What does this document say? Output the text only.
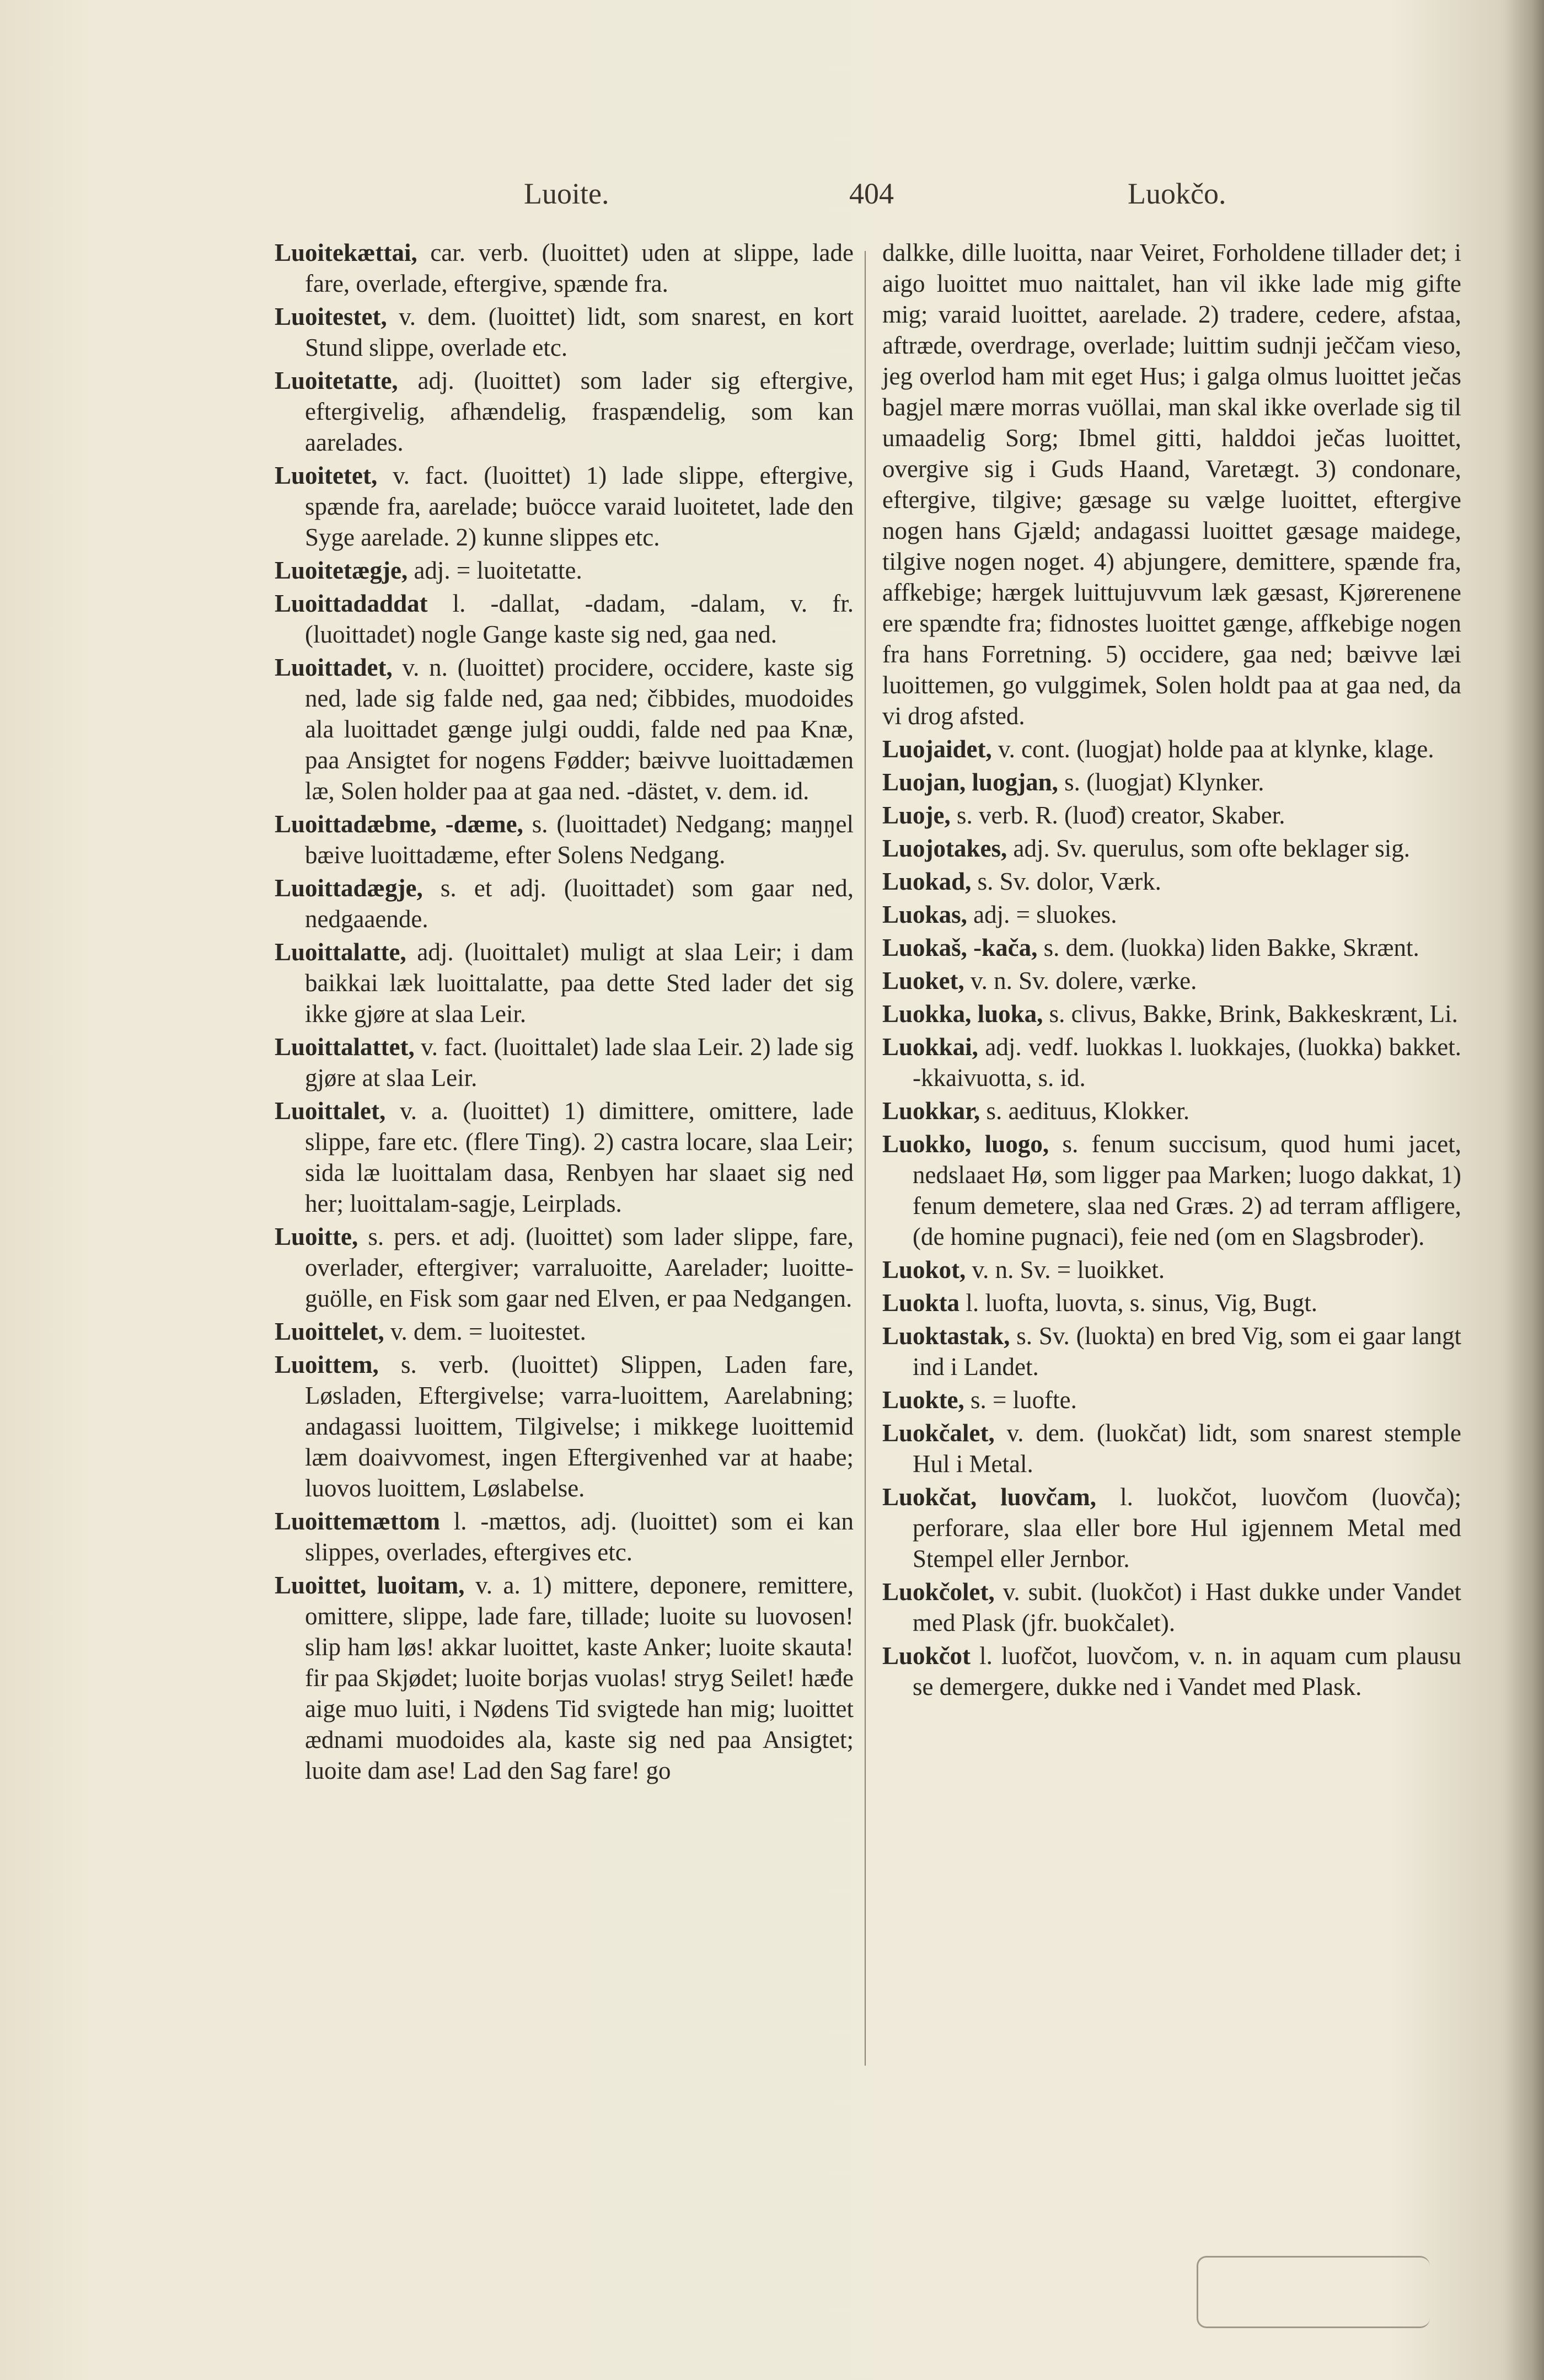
Luoite.	404	Luokčo.

Luoitekættai, car. verb. (luoittet) uden at slippe, lade fare, overlade, eftergive, spænde fra.

Luoitestet, v. dem. (luoittet) lidt, som snarest, en kort Stund slippe, overlade etc.

Luoitetatte, adj. (luoittet) som lader sig eftergive, eftergivelig, afhændelig, fraspændelig, som kan aarelades.

Luoitetet, v. fact. (luoittet) 1) lade slippe, eftergive, spænde fra, aarelade; buöcce varaid luoitetet, lade den Syge aarelade. 2) kunne slippes etc.

Luoitetægje, adj. = luoitetatte.

Luoittadaddat l. -dallat, -dadam, -dalam, v. fr. (luoittadet) nogle Gange kaste sig ned, gaa ned.

Luoittadet, v. n. (luoittet) procidere, occidere, kaste sig ned, lade sig falde ned, gaa ned; čibbides, muodoides ala luoittadet gænge julgi ouddi, falde ned paa Knæ, paa Ansigtet for nogens Fødder; bæivve luoittadæmen læ, Solen holder paa at gaa ned. -dästet, v. dem. id.

Luoittadæbme, -dæme, s. (luoittadet) Nedgang; maŋŋel bæive luoittadæme, efter Solens Nedgang.

Luoittadægje, s. et adj. (luoittadet) som gaar ned, nedgaaende.

Luoittalatte, adj. (luoittalet) muligt at slaa Leir; i dam baikkai læk luoittalatte, paa dette Sted lader det sig ikke gjøre at slaa Leir.

Luoittalattet, v. fact. (luoittalet) lade slaa Leir. 2) lade sig gjøre at slaa Leir.

Luoittalet, v. a. (luoittet) 1) dimittere, omittere, lade slippe, fare etc. (flere Ting). 2) castra locare, slaa Leir; sida læ luoittalam dasa, Renbyen har slaaet sig ned her; luoittalam-sagje, Leirplads.

Luoitte, s. pers. et adj. (luoittet) som lader slippe, fare, overlader, eftergiver; varraluoitte, Aarelader; luoitte-guölle, en Fisk som gaar ned Elven, er paa Nedgangen.

Luoittelet, v. dem. = luoitestet.

Luoittem, s. verb. (luoittet) Slippen, Laden fare, Løsladen, Eftergivelse; varra-luoittem, Aarelabning; andagassi luoittem, Tilgivelse; i mikkege luoittemid læm doaivvomest, ingen Eftergivenhed var at haabe; luovos luoittem, Løslabelse.

Luoittemættom l. -mættos, adj. (luoittet) som ei kan slippes, overlades, eftergives etc.

Luoittet, luoitam, v. a. 1) mittere, deponere, remittere, omittere, slippe, lade fare, tillade; luoite su luovosen! slip ham løs! akkar luoittet, kaste Anker; luoite skauta! fir paa Skjødet; luoite borjas vuolas! stryg Seilet! hæđe aige muo luiti, i Nødens Tid svigtede han mig; luoittet ædnami muodoides ala, kaste sig ned paa Ansigtet; luoite dam ase! Lad den Sag fare! go

dalkke, dille luoitta, naar Veiret, Forholdene tillader det; i aigo luoittet muo naittalet, han vil ikke lade mig gifte mig; varaid luoittet, aarelade. 2) tradere, cedere, afstaa, aftræde, overdrage, overlade; luittim sudnji ječčam vieso, jeg overlod ham mit eget Hus; i galga olmus luoittet ječas bagjel mære morras vuöllai, man skal ikke overlade sig til umaadelig Sorg; Ibmel gitti, halddoi ječas luoittet, overgive sig i Guds Haand, Varetægt. 3) condonare, eftergive, tilgive; gæsage su vælge luoittet, eftergive nogen hans Gjæld; andagassi luoittet gæsage maidege, tilgive nogen noget. 4) abjungere, demittere, spænde fra, affkebige; hærgek luittujuvvum læk gæsast, Kjørerenene ere spændte fra; fidnostes luoittet gænge, affkebige nogen fra hans Forretning. 5) occidere, gaa ned; bæivve læi luoittemen, go vulggimek, Solen holdt paa at gaa ned, da vi drog afsted.

Luojaidet, v. cont. (luogjat) holde paa at klynke, klage.

Luojan, luogjan, s. (luogjat) Klynker.

Luoje, s. verb. R. (luođ) creator, Skaber.

Luojotakes, adj. Sv. querulus, som ofte beklager sig.

Luokad, s. Sv. dolor, Værk.

Luokas, adj. = sluokes.

Luokaš, -kača, s. dem. (luokka) liden Bakke, Skrænt.

Luoket, v. n. Sv. dolere, værke.

Luokka, luoka, s. clivus, Bakke, Brink, Bakkeskrænt, Li.

Luokkai, adj. vedf. luokkas l. luokkajes, (luokka) bakket. -kkaivuotta, s. id.

Luokkar, s. aedituus, Klokker.

Luokko, luogo, s. fenum succisum, quod humi jacet, nedslaaet Hø, som ligger paa Marken; luogo dakkat, 1) fenum demetere, slaa ned Græs. 2) ad terram affligere, (de homine pugnaci), feie ned (om en Slagsbroder).

Luokot, v. n. Sv. = luoikket.

Luokta l. luofta, luovta, s. sinus, Vig, Bugt.

Luoktastak, s. Sv. (luokta) en bred Vig, som ei gaar langt ind i Landet.

Luokte, s. = luofte.

Luokčalet, v. dem. (luokčat) lidt, som snarest stemple Hul i Metal.

Luokčat, luovčam, l. luokčot, luovčom (luovča); perforare, slaa eller bore Hul igjennem Metal med Stempel eller Jernbor.

Luokčolet, v. subit. (luokčot) i Hast dukke under Vandet med Plask (jfr. buokčalet).

Luokčot l. luofčot, luovčom, v. n. in aquam cum plausu se demergere, dukke ned i Vandet med Plask.
